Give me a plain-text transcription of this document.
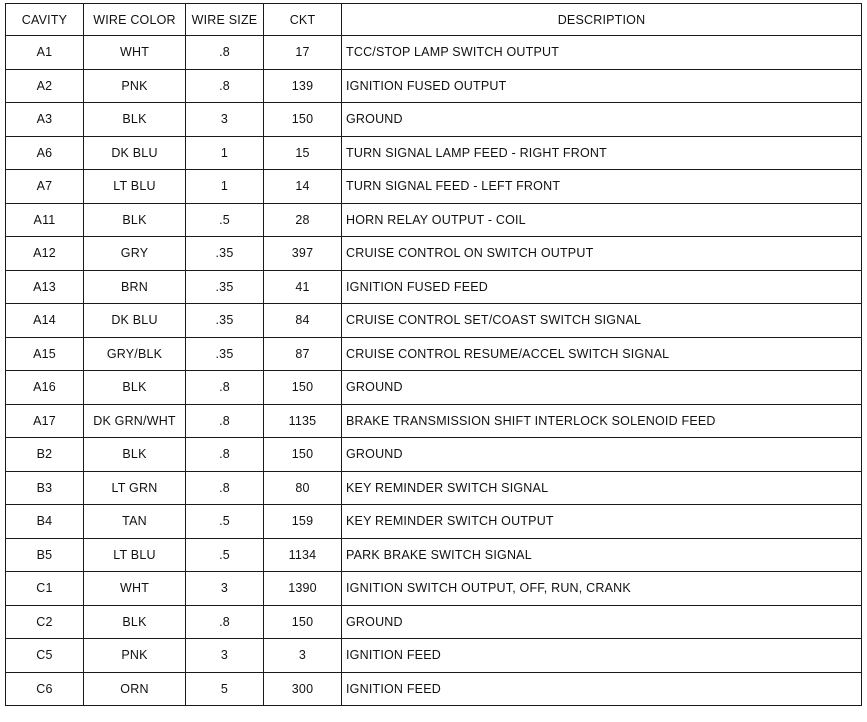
CAVITY	WIRE COLOR	WIRE SIZE	CKT	DESCRIPTION
A1	WHT	.8	17	TCC/STOP LAMP SWITCH OUTPUT
A2	PNK	.8	139	IGNITION FUSED OUTPUT
A3	BLK	3	150	GROUND
A6	DK BLU	1	15	TURN SIGNAL LAMP FEED - RIGHT FRONT
A7	LT BLU	1	14	TURN SIGNAL FEED - LEFT FRONT
A11	BLK	.5	28	HORN RELAY OUTPUT - COIL
A12	GRY	.35	397	CRUISE CONTROL ON SWITCH OUTPUT
A13	BRN	.35	41	IGNITION FUSED FEED
A14	DK BLU	.35	84	CRUISE CONTROL SET/COAST SWITCH SIGNAL
A15	GRY/BLK	.35	87	CRUISE CONTROL RESUME/ACCEL SWITCH SIGNAL
A16	BLK	.8	150	GROUND
A17	DK GRN/WHT	.8	1135	BRAKE TRANSMISSION SHIFT INTERLOCK SOLENOID FEED
B2	BLK	.8	150	GROUND
B3	LT GRN	.8	80	KEY REMINDER SWITCH SIGNAL
B4	TAN	.5	159	KEY REMINDER SWITCH OUTPUT
B5	LT BLU	.5	1134	PARK BRAKE SWITCH SIGNAL
C1	WHT	3	1390	IGNITION SWITCH OUTPUT, OFF, RUN, CRANK
C2	BLK	.8	150	GROUND
C5	PNK	3	3	IGNITION FEED
C6	ORN	5	300	IGNITION FEED
